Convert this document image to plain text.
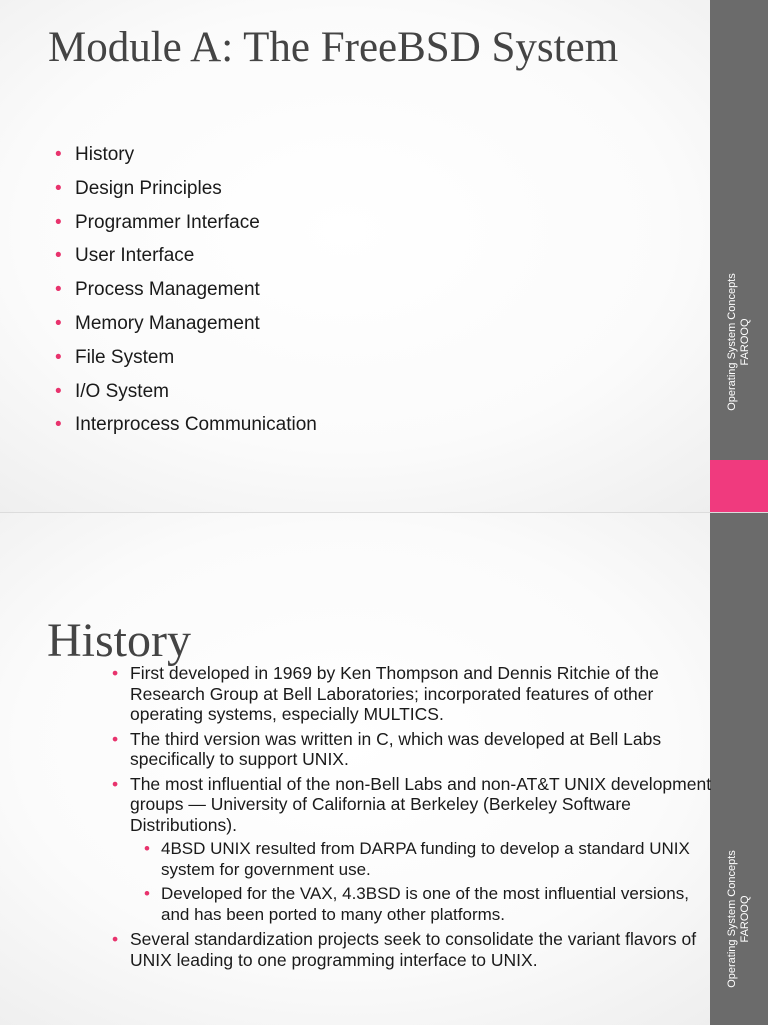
Operating System Concepts FAROOQ
Module A: The FreeBSD System
• History
• Design Principles
• Programmer Interface
• User Interface
• Process Management
• Memory Management
• File System
• I/O System
• Interprocess Communication
Operating System Concepts FAROOQ
History
• First developed in 1969 by Ken Thompson and Dennis Ritchie of the Research Group at Bell Laboratories; incorporated features of other operating systems, especially MULTICS.
• The third version was written in C, which was developed at Bell Labs specifically to support UNIX.
• The most influential of the non-Bell Labs and non-AT&T UNIX development groups — University of California at Berkeley (Berkeley Software Distributions).
• 4BSD UNIX resulted from DARPA funding to develop a standard UNIX system for government use.
• Developed for the VAX, 4.3BSD is one of the most influential versions, and has been ported to many other platforms.
• Several standardization projects seek to consolidate the variant flavors of UNIX leading to one programming interface to UNIX.
